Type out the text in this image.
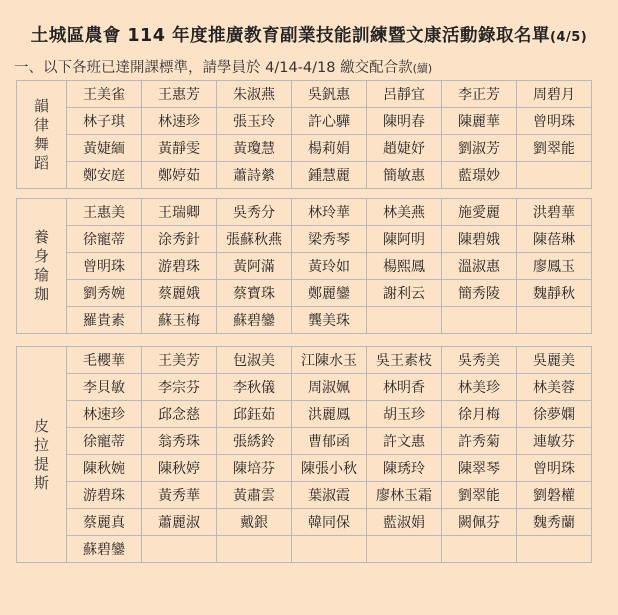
土城區農會 114 年度推廣教育副業技能訓練暨文康活動錄取名單(4/5)
一、以下各班已達開課標準，請學員於 4/14-4/18 繳交配合款(續)
韻
律
舞
蹈	王美雀	王惠芳	朱淑燕	吳釩惠	呂靜宜	李正芳	周碧月
	林子琪	林速珍	張玉玲	許心驊	陳明春	陳麗華	曾明珠
	黃婕緬	黃靜雯	黃瓊慧	楊莉娟	趙婕妤	劉淑芳	劉翠能
	鄭安庭	鄭婷茹	蕭詩縈	鍾慧麗	簡敏惠	藍璟妙	
養
身
瑜
珈	王惠美	王瑞卿	吳秀分	林玲華	林美燕	施愛麗	洪碧華
	徐寵蒂	涂秀針	張蘇秋燕	梁秀琴	陳阿明	陳碧娥	陳蓓琳
	曾明珠	游碧珠	黃阿滿	黃玲如	楊熙鳳	溫淑惠	廖鳳玉
	劉秀婉	蔡麗娥	蔡寶珠	鄭麗鑾	謝利云	簡秀陵	魏靜秋
	羅貴素	蘇玉梅	蘇碧鑾	龔美珠			
皮
拉
提
斯	毛櫻華	王美芳	包淑美	江陳水玉	吳王素枝	吳秀美	吳麗美
	李貝敏	李宗芬	李秋儀	周淑姵	林明香	林美珍	林美蓉
	林速珍	邱念慈	邱鈺茹	洪麗鳳	胡玉珍	徐月梅	徐夢嫻
	徐寵蒂	翁秀珠	張綉鈴	曹郁函	許文惠	許秀菊	連敏芬
	陳秋婉	陳秋婷	陳培芬	陳張小秋	陳琇玲	陳翠琴	曾明珠
	游碧珠	黃秀華	黃肅雲	葉淑霞	廖林玉霜	劉翠能	劉磐權
	蔡麗真	蕭麗淑	戴銀	韓同保	藍淑娟	闕佩芬	魏秀蘭
	蘇碧鑾						
